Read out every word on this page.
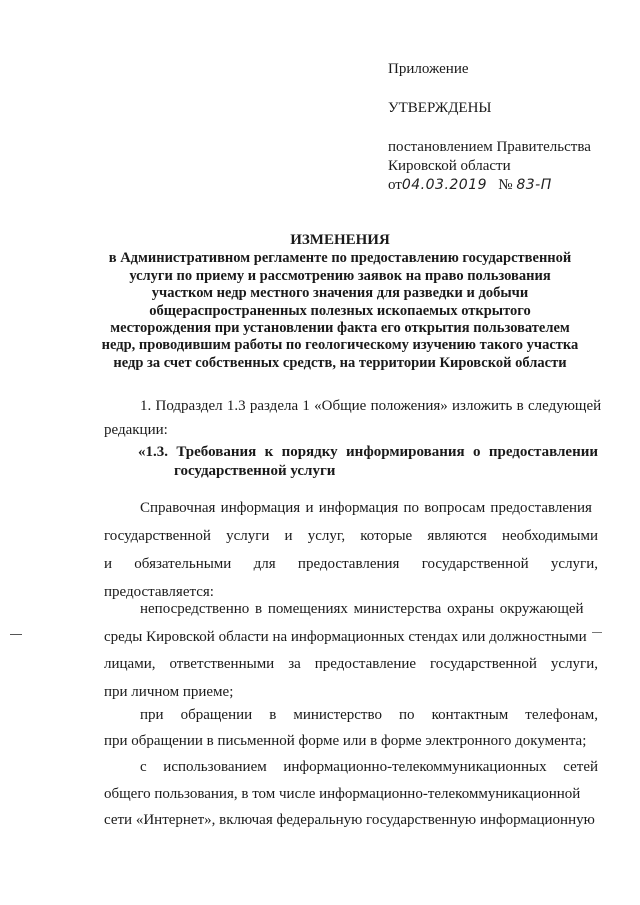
Приложение
УТВЕРЖДЕНЫ
постановлением Правительства
Кировской области
от04.03.2019 № 83-П
ИЗМЕНЕНИЯ
в Административном регламенте по предоставлению государственной
услуги по приему и рассмотрению заявок на право пользования
участком недр местного значения для разведки и добычи
общераспространенных полезных ископаемых открытого
месторождения при установлении факта его открытия пользователем
недр, проводившим работы по геологическому изучению такого участка
недр за счет собственных средств, на территории Кировской области
1. Подраздел 1.3 раздела 1 «Общие положения» изложить в следующей
редакции:
«1.3. Требования к порядку информирования о предоставлении
государственной услуги
Справочная информация и информация по вопросам предоставления
государственной услуги и услуг, которые являются необходимыми
и обязательными для предоставления государственной услуги,
предоставляется:
непосредственно в помещениях министерства охраны окружающей
среды Кировской области на информационных стендах или должностными
лицами, ответственными за предоставление государственной услуги,
при личном приеме;
при обращении в министерство по контактным телефонам,
при обращении в письменной форме или в форме электронного документа;
с использованием информационно-телекоммуникационных сетей
общего пользования, в том числе информационно-телекоммуникационной
сети «Интернет», включая федеральную государственную информационную
